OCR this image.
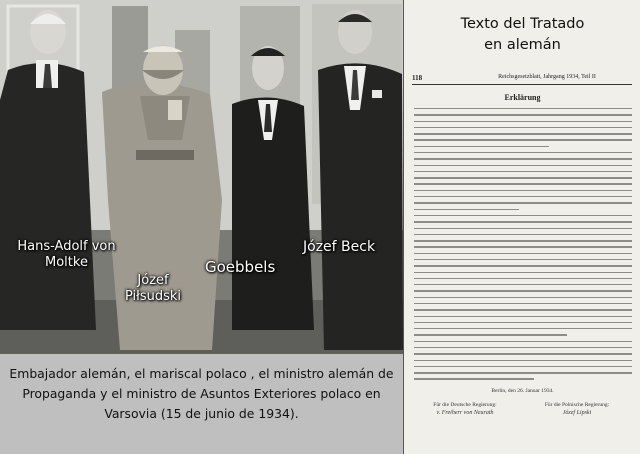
Hans-Adolf von Moltke
Józef Piłsudski
Goebbels
Józef Beck

Embajador alemán, el mariscal polaco , el ministro alemán de Propaganda y el ministro de Asuntos Exteriores polaco en Varsovia (15 de junio de 1934).

Texto del Tratado
en alemán
118	Reichsgesetzblatt, Jahrgang 1934, Teil II
Erklärung
Berlin, den 26. Januar 1934.
Für die Deutsche Regierung:
v. Freiherr von Neurath
Für die Polnische Regierung:
Józef Lipski
